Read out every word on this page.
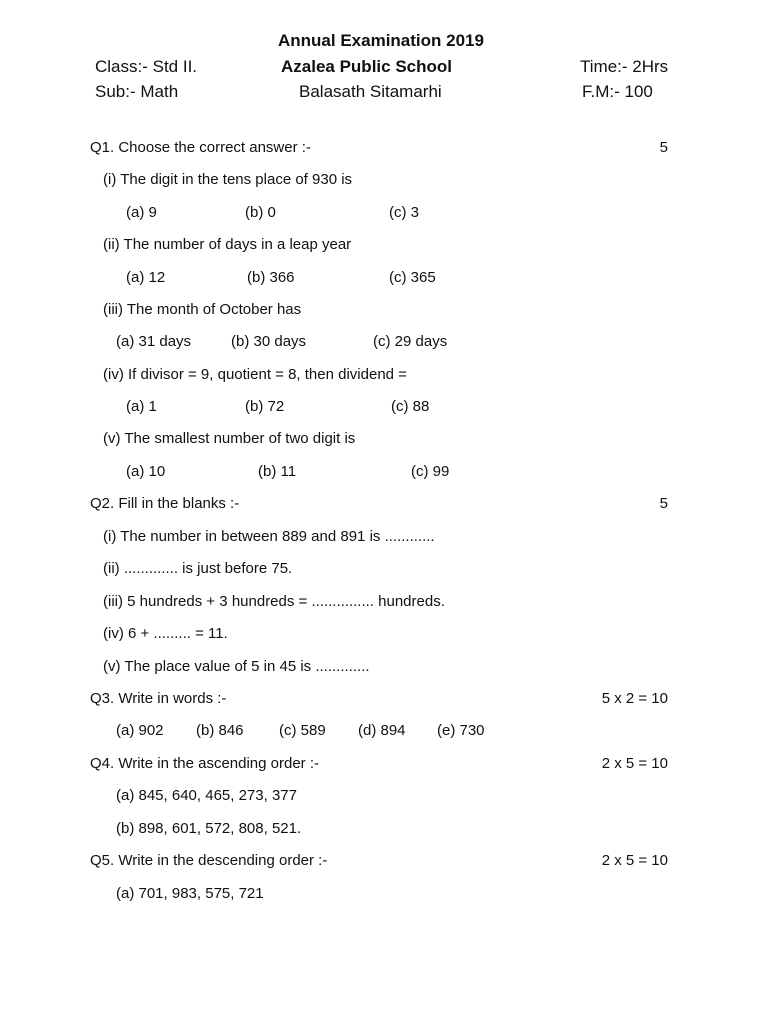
Annual Examination 2019
Class:- Std II.	Azalea Public School	Time:- 2Hrs
Sub:- Math	Balasath Sitamarhi	F.M:- 100
Q1. Choose the correct answer :-	5
(i) The digit in the tens place of 930 is
(a) 9	(b) 0	(c) 3
(ii) The number of days in a leap year
(a) 12	(b) 366	(c) 365
(iii) The month of October has
(a) 31 days	(b) 30 days	(c) 29 days
(iv) If divisor = 9, quotient = 8, then dividend =
(a) 1	(b) 72	(c) 88
(v) The smallest number of two digit is
(a) 10	(b) 11	(c) 99
Q2. Fill in the blanks :-	5
(i) The number in between 889 and 891 is ............
(ii) ............. is just before 75.
(iii) 5 hundreds + 3 hundreds = ............... hundreds.
(iv) 6 + ......... = 11.
(v) The place value of 5 in 45 is .............
Q3. Write in words :-	5 x 2 = 10
(a) 902 (b) 846 (c) 589 (d) 894 (e) 730
Q4. Write in the ascending order :-	2 x 5 = 10
(a) 845, 640, 465, 273, 377
(b) 898, 601, 572, 808, 521.
Q5. Write in the descending order :-	2 x 5 = 10
(a) 701, 983, 575, 721
